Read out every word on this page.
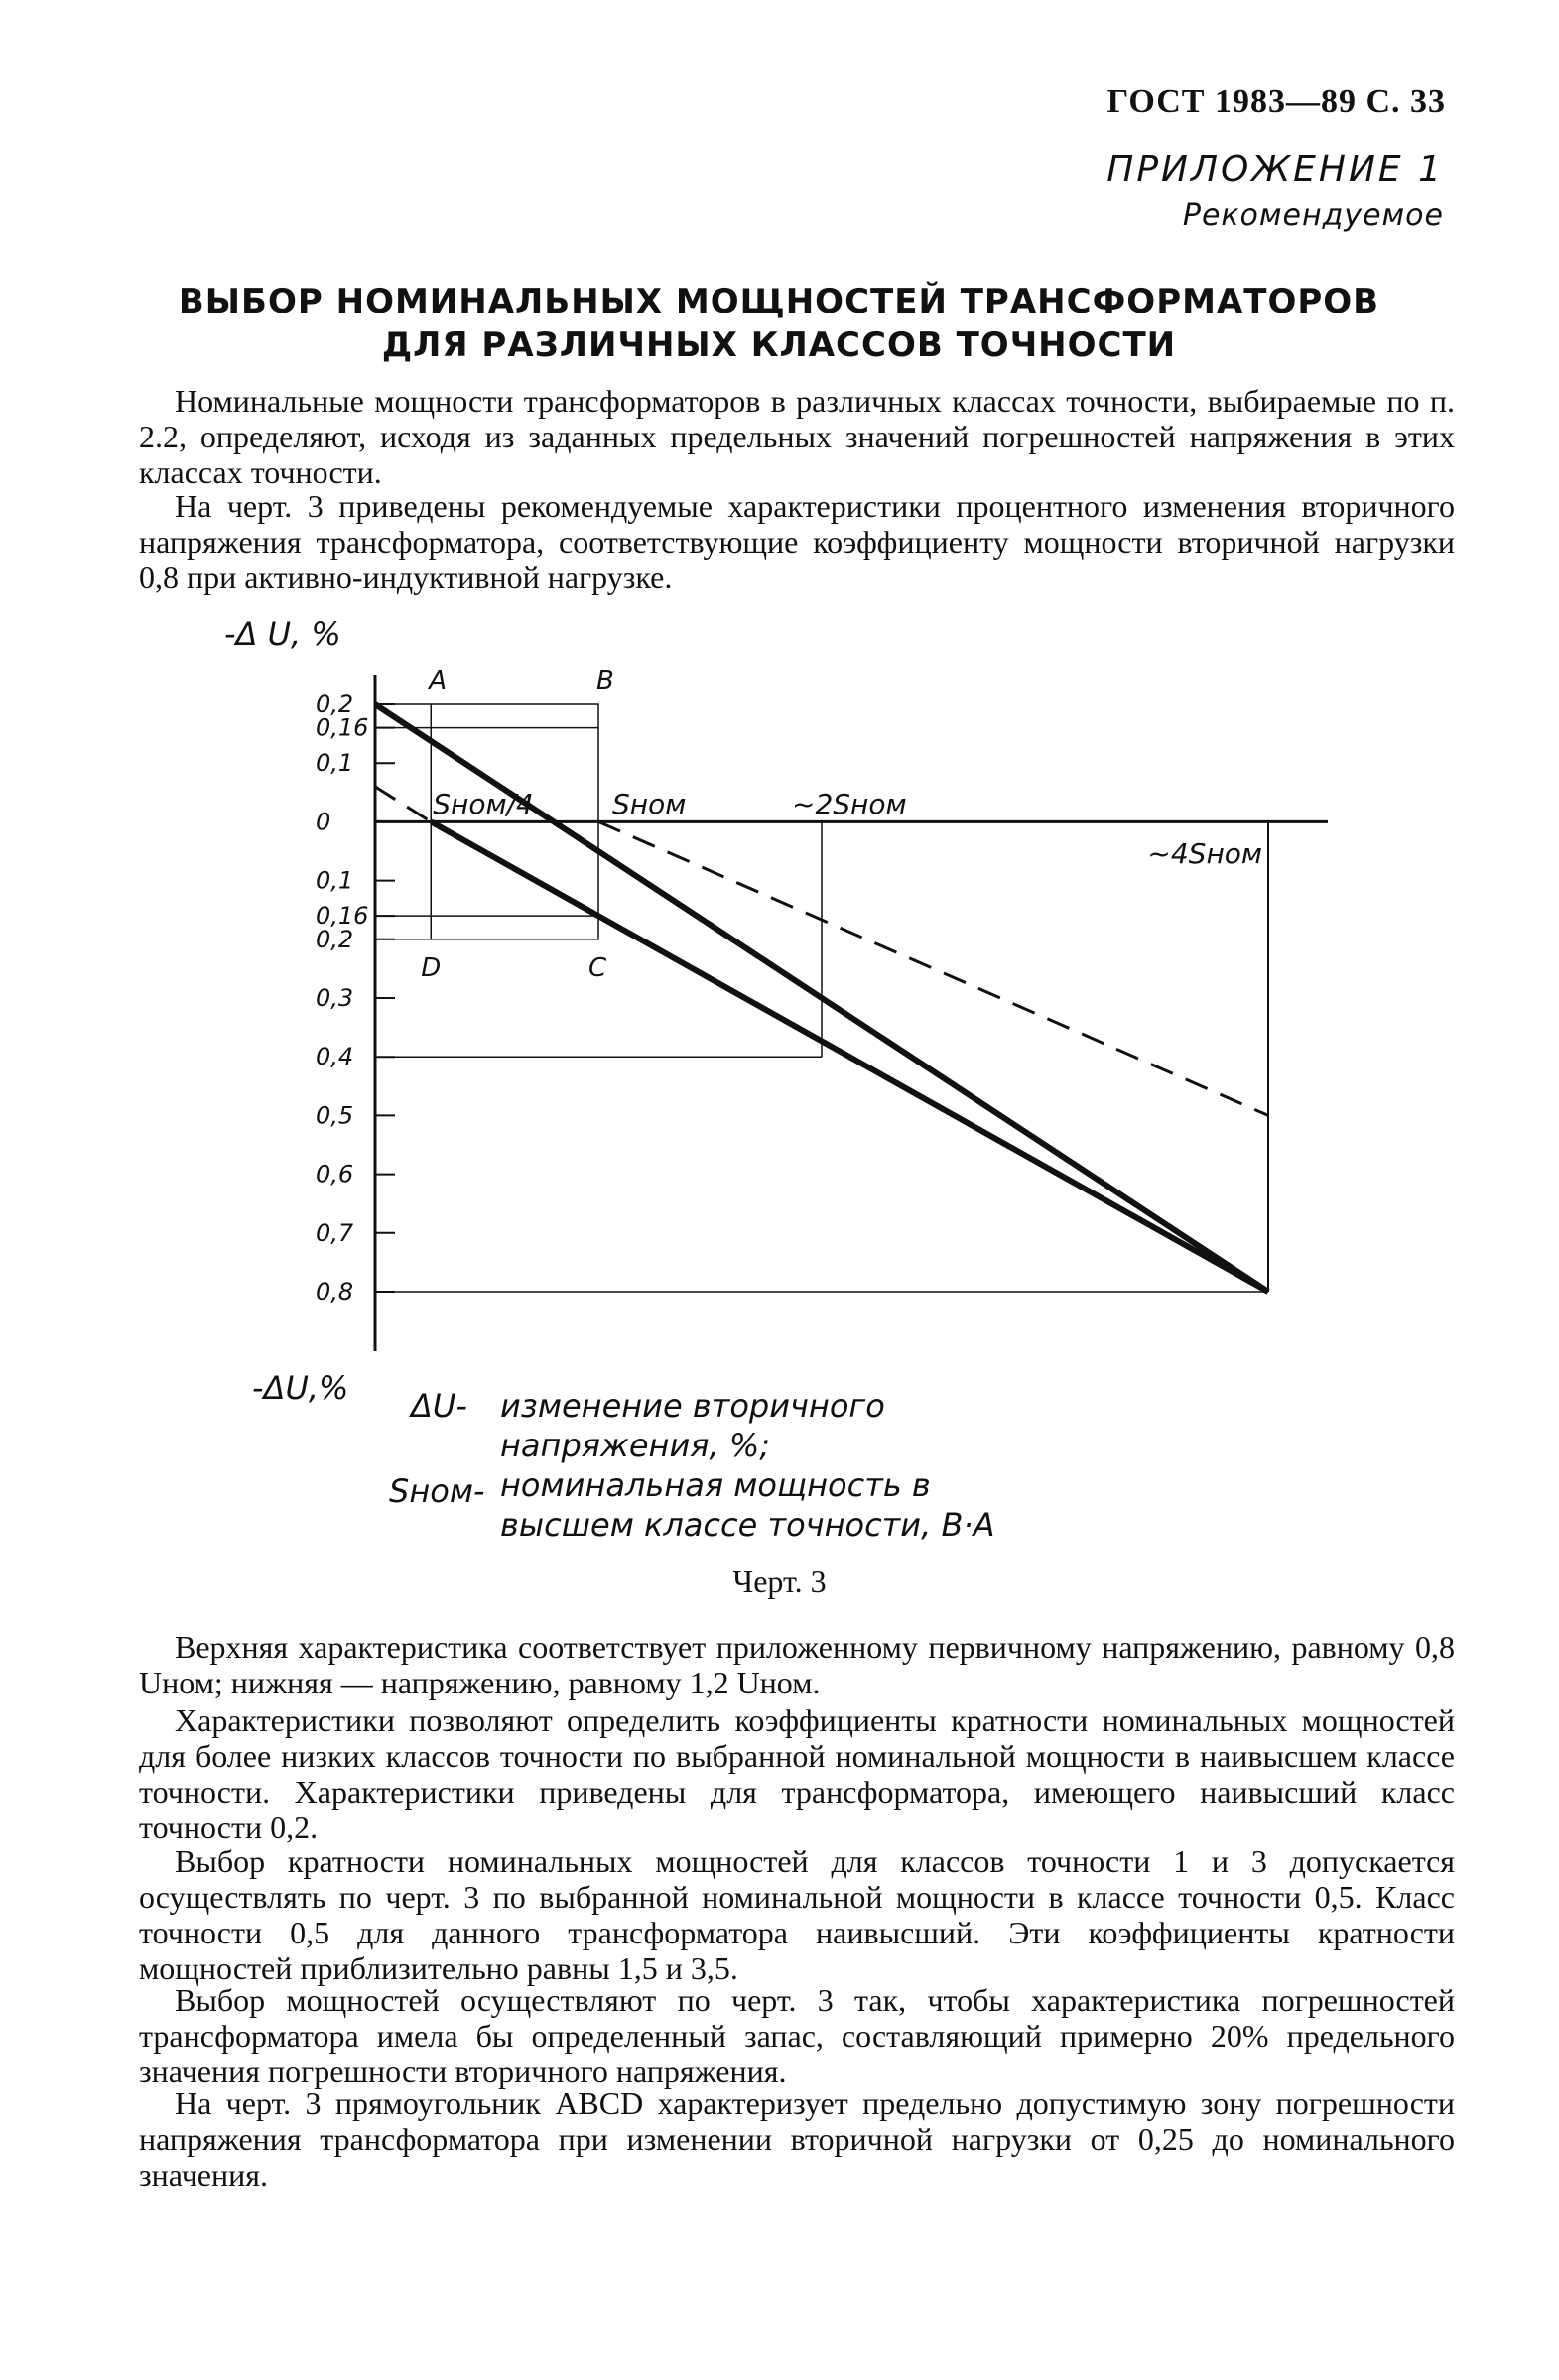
ГОСТ 1983—89 С. 33
ПРИЛОЖЕНИЕ 1
Рекомендуемое
ВЫБОР НОМИНАЛЬНЫХ МОЩНОСТЕЙ ТРАНСФОРМАТОРОВ
ДЛЯ РАЗЛИЧНЫХ КЛАССОВ ТОЧНОСТИ

Номинальные мощности трансформаторов в различных классах точности, выбираемые по п. 2.2, определяют, исходя из заданных предельных значений погрешностей напряжения в этих классах точности.

На черт. 3 приведены рекомендуемые характеристики процентного изменения вторичного напряжения трансформатора, соответствующие коэффициенту мощности вторичной нагрузки 0,8 при активно-индуктивной нагрузке.

0,2
0,16
0,1
0
0,1
0,16
0,2
0,3
0,4
0,5
0,6
0,7
0,8
A	B
C
D
Sном/4	Sном	~2Sном
~4Sном
-Δ U, %
-ΔU,% ΔU- изменение вторичного
напряжения, %;
Sном- номинальная мощность в
высшем классе точности, В·А
Черт. 3

Верхняя характеристика соответствует приложенному первичному напряжению, равному 0,8 Uном; нижняя — напряжению, равному 1,2 Uном.

Характеристики позволяют определить коэффициенты кратности номинальных мощностей для более низких классов точности по выбранной номинальной мощности в наивысшем классе точности. Характеристики приведены для трансформатора, имеющего наивысший класс точности 0,2.

Выбор кратности номинальных мощностей для классов точности 1 и 3 допускается осуществлять по черт. 3 по выбранной номинальной мощности в классе точности 0,5. Класс точности 0,5 для данного трансформатора наивысший. Эти коэффициенты кратности мощностей приблизительно равны 1,5 и 3,5.

Выбор мощностей осуществляют по черт. 3 так, чтобы характеристика погрешностей трансформатора имела бы определенный запас, составляющий примерно 20% предельного значения погрешности вторичного напряжения.

На черт. 3 прямоугольник ABCD характеризует предельно допустимую зону погрешности напряжения трансформатора при изменении вторичной нагрузки от 0,25 до номинального значения.
